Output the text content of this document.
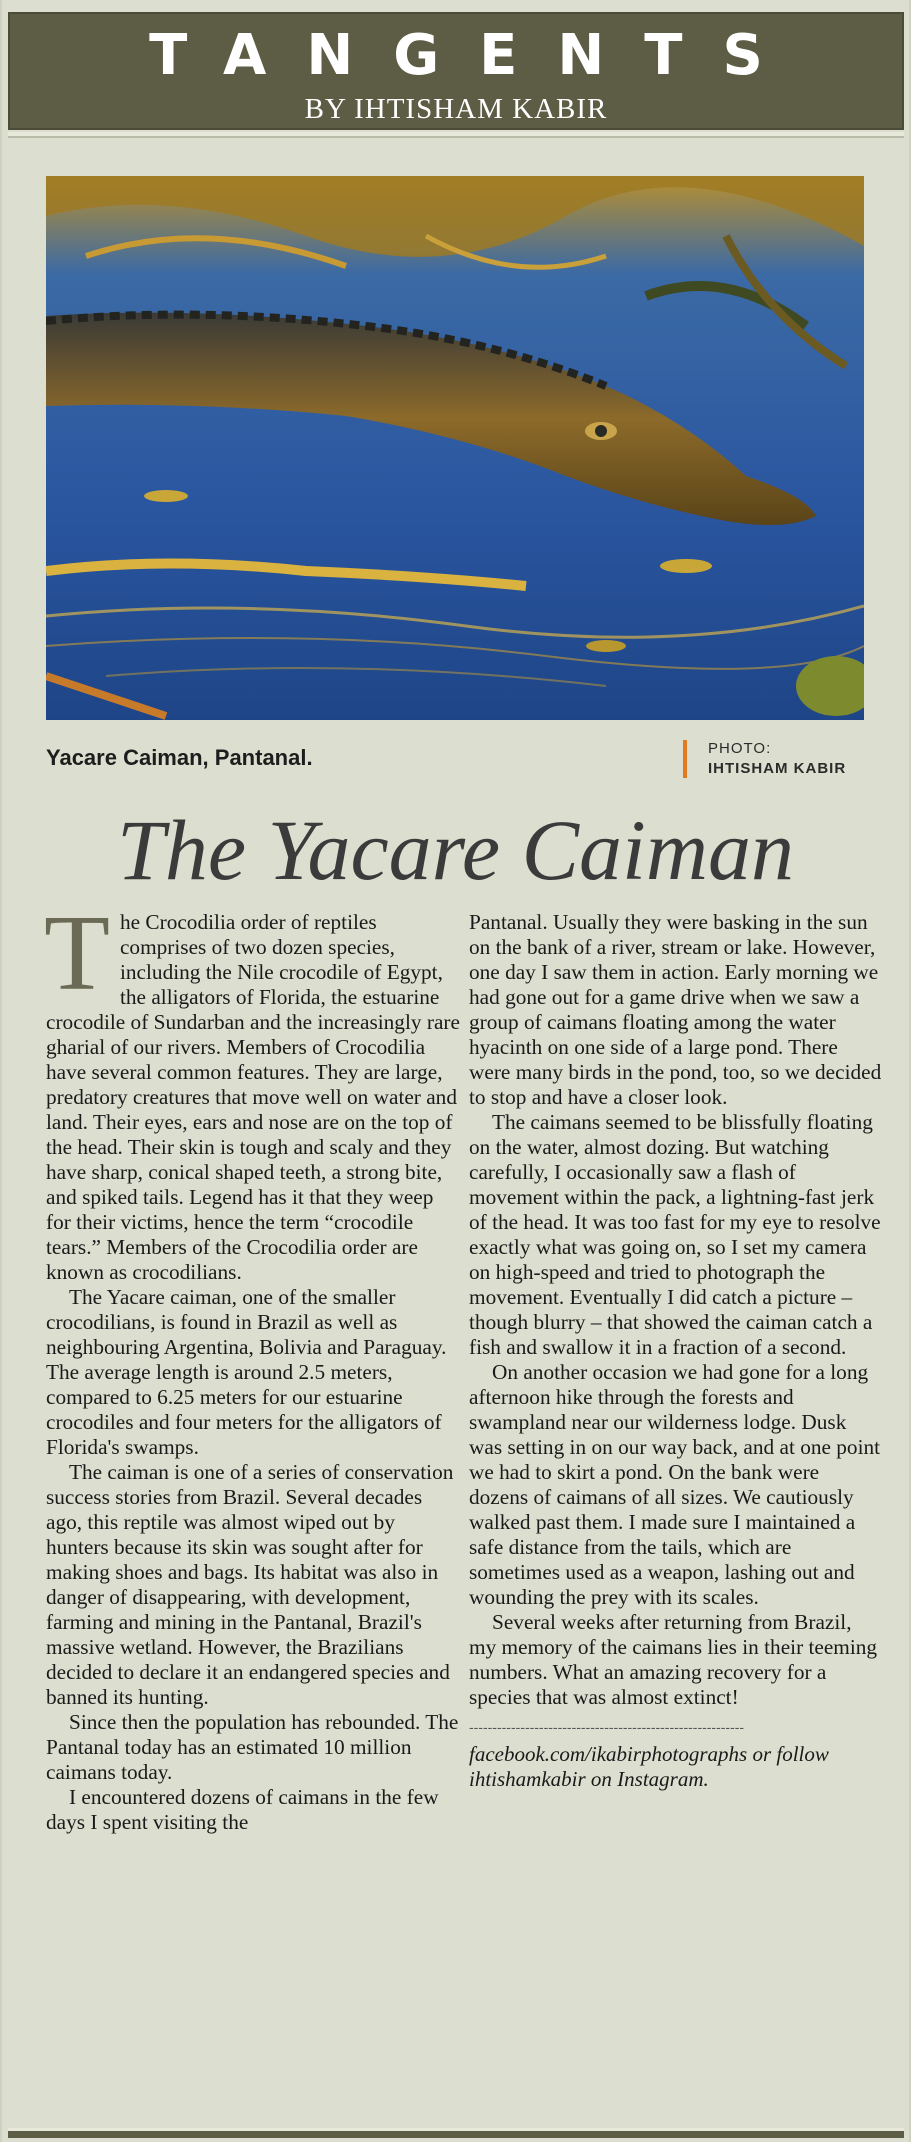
TANGENTS
BY IHTISHAM KABIR
Yacare Caiman, Pantanal.	PHOTO:
IHTISHAM KABIR
The Yacare Caiman

The Crocodilia order of reptiles comprises of two dozen species, including the Nile crocodile of Egypt, the alligators of Florida, the estuarine crocodile of Sundarban and the increasingly rare gharial of our rivers. Members of Crocodilia have several common features. They are large, predatory creatures that move well on water and land. Their eyes, ears and nose are on the top of the head. Their skin is tough and scaly and they have sharp, conical shaped teeth, a strong bite, and spiked tails. Legend has it that they weep for their victims, hence the term “crocodile tears.” Members of the Crocodilia order are known as crocodilians.

The Yacare caiman, one of the smaller crocodilians, is found in Brazil as well as neighbouring Argentina, Bolivia and Paraguay. The average length is around 2.5 meters, compared to 6.25 meters for our estuarine crocodiles and four meters for the alligators of Florida's swamps.

The caiman is one of a series of conservation success stories from Brazil. Several decades ago, this reptile was almost wiped out by hunters because its skin was sought after for making shoes and bags. Its habitat was also in danger of disappearing, with development, farming and mining in the Pantanal, Brazil's massive wetland. However, the Brazilians decided to declare it an endangered species and banned its hunting.

Since then the population has rebounded. The Pantanal today has an estimated 10 million caimans today.

I encountered dozens of caimans in the few days I spent visiting the

Pantanal. Usually they were basking in the sun on the bank of a river, stream or lake. However, one day I saw them in action. Early morning we had gone out for a game drive when we saw a group of caimans floating among the water hyacinth on one side of a large pond. There were many birds in the pond, too, so we decided to stop and have a closer look.

The caimans seemed to be blissfully floating on the water, almost dozing. But watching carefully, I occasionally saw a flash of movement within the pack, a lightning-fast jerk of the head. It was too fast for my eye to resolve exactly what was going on, so I set my camera on high-speed and tried to photograph the movement. Eventually I did catch a picture – though blurry – that showed the caiman catch a fish and swallow it in a fraction of a second.

On another occasion we had gone for a long afternoon hike through the forests and swampland near our wilderness lodge. Dusk was setting in on our way back, and at one point we had to skirt a pond. On the bank were dozens of caimans of all sizes. We cautiously walked past them. I made sure I maintained a safe distance from the tails, which are sometimes used as a weapon, lashing out and wounding the prey with its scales.

Several weeks after returning from Brazil, my memory of the caimans lies in their teeming numbers. What an amazing recovery for a species that was almost extinct!

-----------------------------------------------------------
facebook.com/ikabirphotographs or follow ihtishamkabir on Instagram.
